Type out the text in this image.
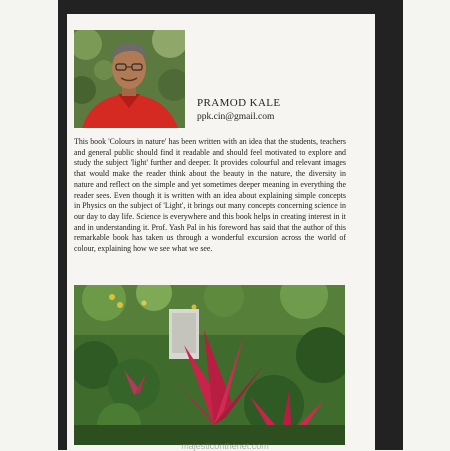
PRAMOD KALE
ppk.cin@gmail.com
This book 'Colours in nature' has been written with an idea that the students, teachers and general public should find it readable and should feel motivated to explore and study the subject 'light' further and deeper. It provides colourful and relevant images that would make the reader think about the beauty in the nature, the diversity in nature and reflect on the simple and yet sometimes deeper meaning in everything the reader sees. Even though it is written with an idea about explaining simple concepts in Physics on the subject of 'Light', it brings out many concepts concerning science in our day to day life. Science is everywhere and this book helps in creating interest in it and in understanding it. Prof. Yash Pal in his foreword has said that the author of this remarkable book has taken us through a wonderful excursion across the world of colour, explaining how we see what we see.
majesticonthenet.com
